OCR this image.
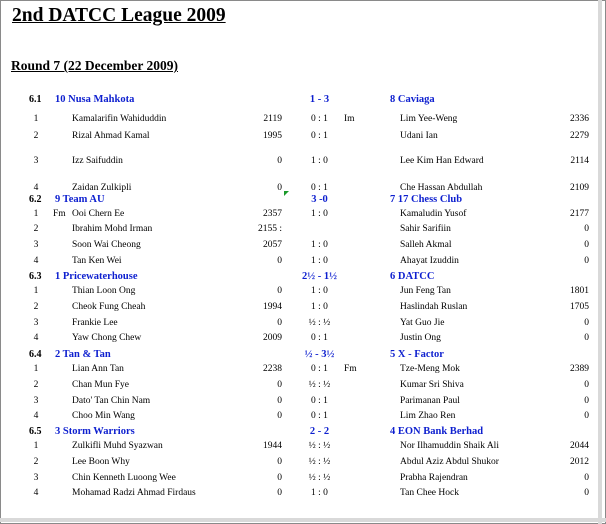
2nd DATCC League 2009
Round 7 (22 December 2009)
6.1	10 Nusa Mahkota	1 - 3	8 Caviaga
1	Kamalarifin Wahiduddin	2119	0 : 1	Im	Lim Yee-Weng	2336
2	Rizal Ahmad Kamal	1995	0 : 1	Udani Ian	2279
3	Izz Saifuddin	0	1 : 0	Lee Kim Han Edward	2114
4	Zaidan Zulkipli	0	0 : 1	Che Hassan Abdullah	2109
6.2	9 Team AU	3 -0	7 17 Chess Club
1	Fm Ooi Chern Ee	2357	1 : 0	Kamaludin Yusof	2177
2	Ibrahim Mohd Irman	2155 :	Sahir Sarifiin	0
3	Soon Wai Cheong	2057	1 : 0	Salleh Akmal	0
4	Tan Ken Wei	0	1 : 0	Ahayat Izuddin	0
6.3	1 Pricewaterhouse	2½ - 1½	6 DATCC
1	Thian Loon Ong	0	1 : 0	Jun Feng Tan	1801
2	Cheok Fung Cheah	1994	1 : 0	Haslindah Ruslan	1705
3	Frankie Lee	0	½ : ½	Yat Guo Jie	0
4	Yaw Chong Chew	2009	0 : 1	Justin Ong	0
6.4	2 Tan & Tan	½ - 3½	5 X - Factor
1	Lian Ann Tan	2238	0 : 1	Fm	Tze-Meng Mok	2389
2	Chan Mun Fye	0	½ : ½	Kumar Sri Shiva	0
3	Dato' Tan Chin Nam	0	0 : 1	Parimanan Paul	0
4	Choo Min Wang	0	0 : 1	Lim Zhao Ren	0
6.5	3 Storm Warriors	2 - 2	4 EON Bank Berhad
1	Zulkifli Muhd Syazwan	1944	½ : ½	Nor Ilhamuddin Shaik Ali	2044
2	Lee Boon Why	0	½ : ½	Abdul Aziz Abdul Shukor	2012
3	Chin Kenneth Luoong Wee	0	½ : ½	Prabha Rajendran	0
4	Mohamad Radzi Ahmad Firdaus	0	1 : 0	Tan Chee Hock	0
